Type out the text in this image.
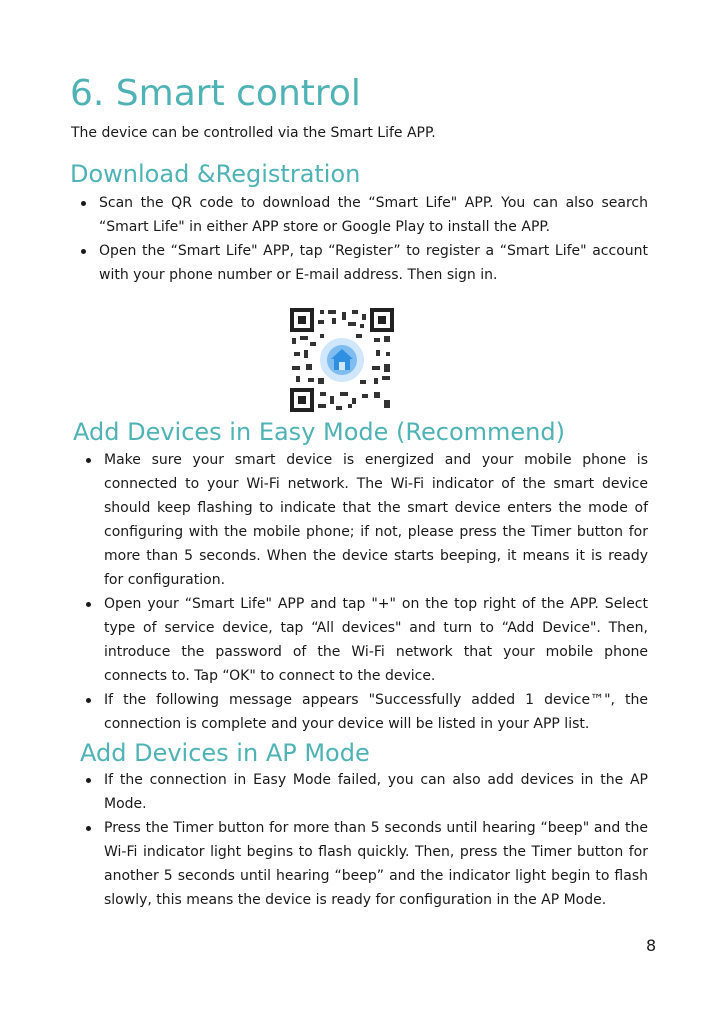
6. Smart control
The device can be controlled via the Smart Life APP.
Download &Registration
Scan the QR code to download the “Smart Life" APP. You can also search “Smart Life" in either APP store or Google Play to install the APP.
Open the “Smart Life" APP, tap “Register” to register a “Smart Life" account with your phone number or E-mail address. Then sign in.
Add Devices in Easy Mode (Recommend)
Make sure your smart device is energized and your mobile phone is connected to your Wi-Fi network. The Wi-Fi indicator of the smart device should keep flashing to indicate that the smart device enters the mode of configuring with the mobile phone; if not, please press the Timer button for more than 5 seconds. When the device starts beeping, it means it is ready for configuration.
Open your “Smart Life" APP and tap "+" on the top right of the APP. Select type of service device, tap “All devices" and turn to “Add Device". Then, introduce the password of the Wi-Fi network that your mobile phone connects to. Tap “OK" to connect to the device.
If the following message appears "Successfully added 1 device™", the connection is complete and your device will be listed in your APP list.
Add Devices in AP Mode
If the connection in Easy Mode failed, you can also add devices in the AP Mode.
Press the Timer button for more than 5 seconds until hearing “beep" and the Wi-Fi indicator light begins to flash quickly. Then, press the Timer button for another 5 seconds until hearing “beep” and the indicator light begin to flash slowly, this means the device is ready for configuration in the AP Mode.
8
